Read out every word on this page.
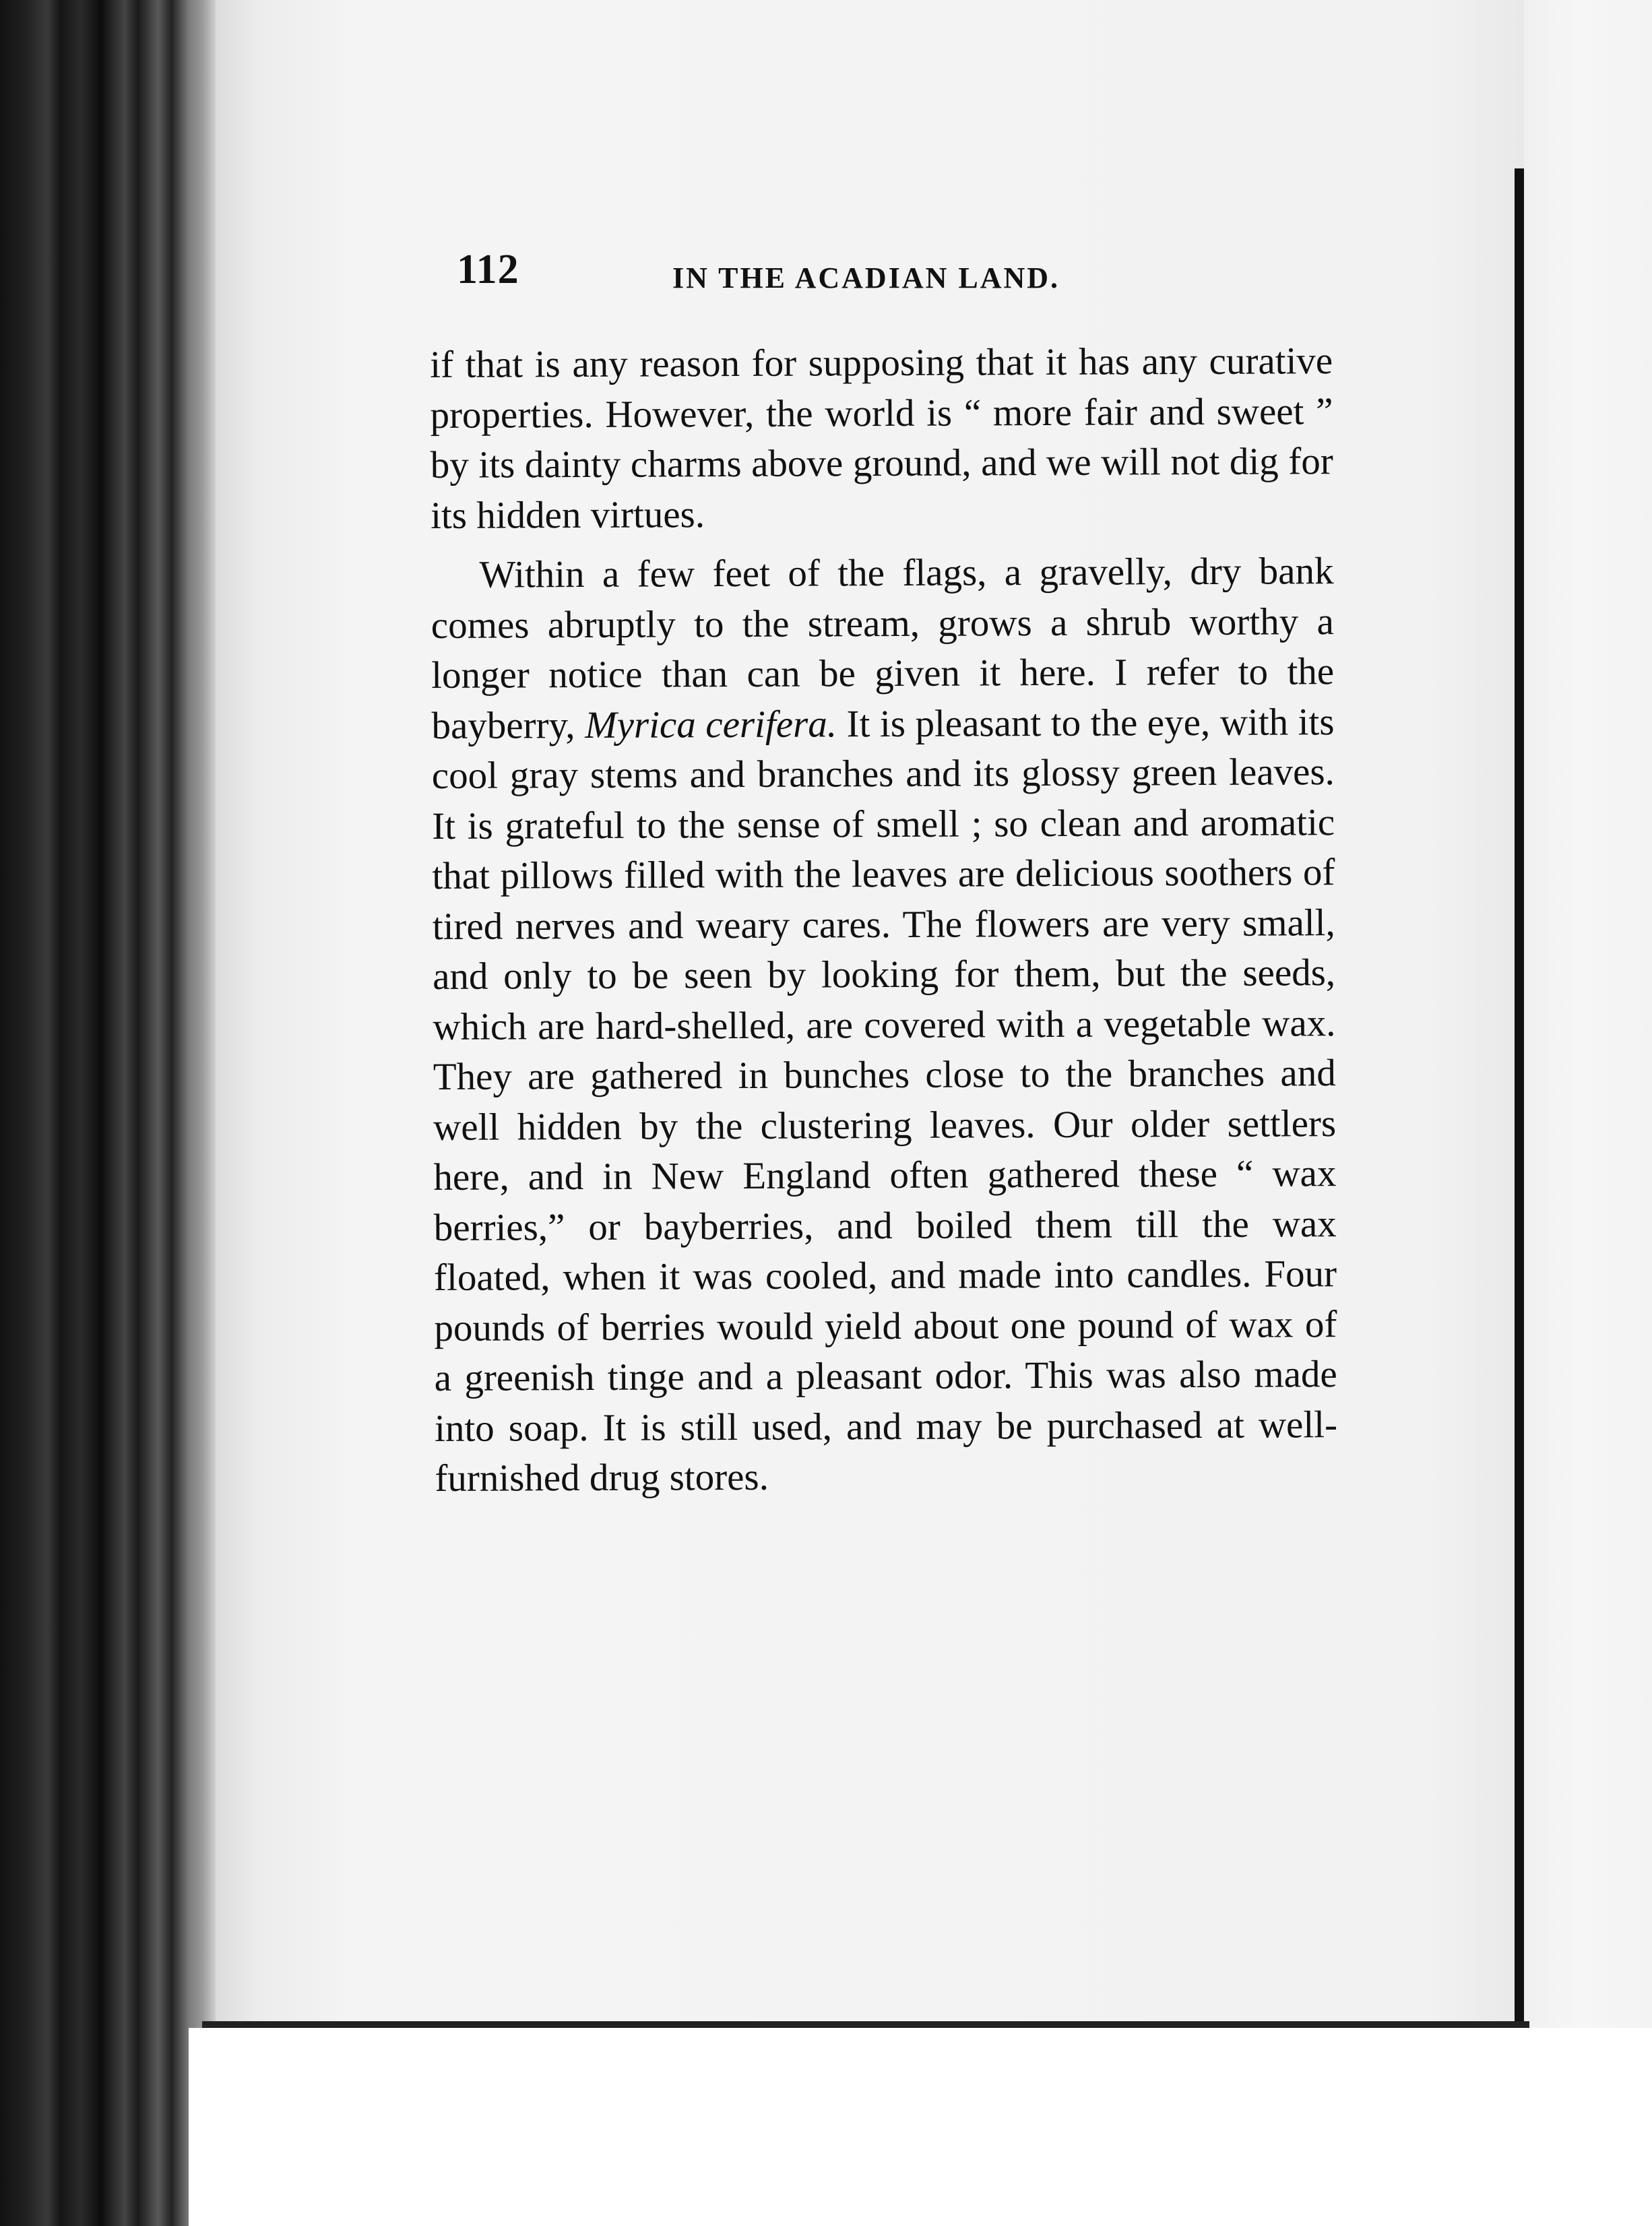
112	IN THE ACADIAN LAND.

if that is any reason for supposing that it has any curative properties. However, the world is “ more fair and sweet ” by its dainty charms above ground, and we will not dig for its hidden virtues.

Within a few feet of the flags, a gravelly, dry bank comes abruptly to the stream, grows a shrub worthy a longer notice than can be given it here. I refer to the bayberry, Myrica cerifera. It is pleasant to the eye, with its cool gray stems and branches and its glossy green leaves. It is grateful to the sense of smell ; so clean and aromatic that pillows filled with the leaves are delicious soothers of tired nerves and weary cares. The flowers are very small, and only to be seen by looking for them, but the seeds, which are hard-shelled, are covered with a vegetable wax. They are gathered in bunches close to the branches and well hidden by the clustering leaves. Our older settlers here, and in New England often gathered these “ wax berries,” or bayberries, and boiled them till the wax floated, when it was cooled, and made into candles. Four pounds of berries would yield about one pound of wax of a greenish tinge and a pleasant odor. This was also made into soap. It is still used, and may be purchased at well-furnished drug stores.
